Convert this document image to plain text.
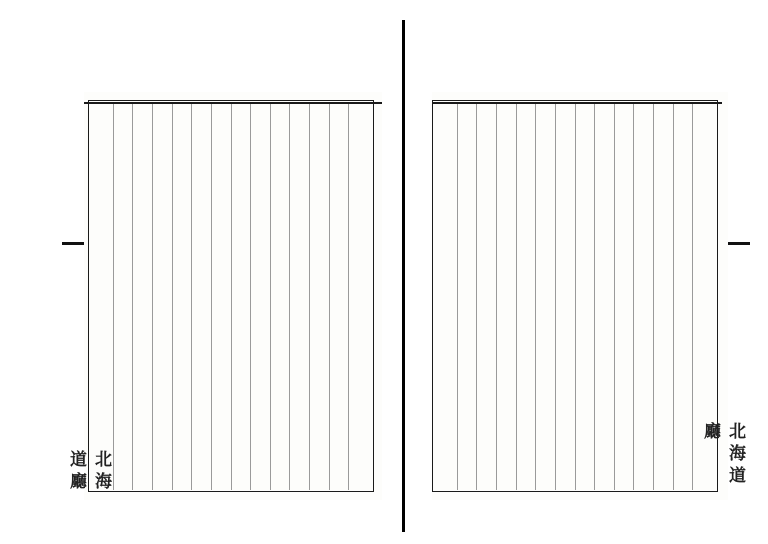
北海道廳	北海道廳
